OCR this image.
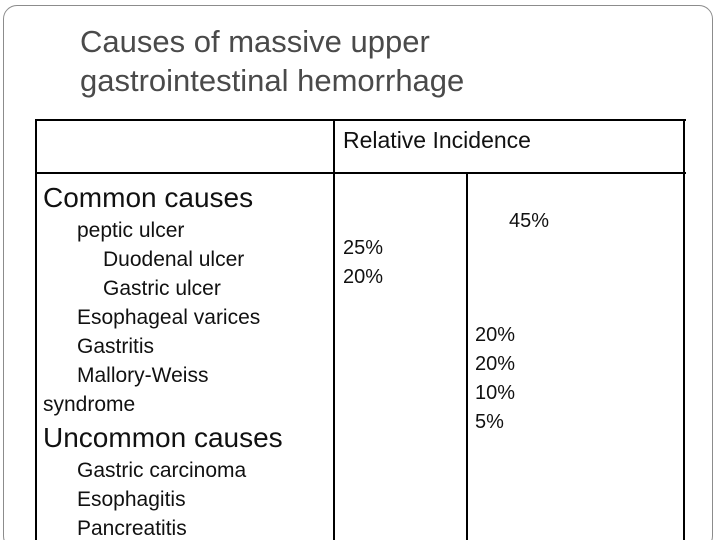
Causes of massive upper
gastrointestinal hemorrhage
Relative Incidence
Common causes
peptic ulcer
Duodenal ulcer
Gastric ulcer
Esophageal varices
Gastritis
Mallory-Weiss
syndrome
Uncommon causes
Gastric carcinoma
Esophagitis
Pancreatitis
25%
20%
45%
20%
20%
10%
5%
